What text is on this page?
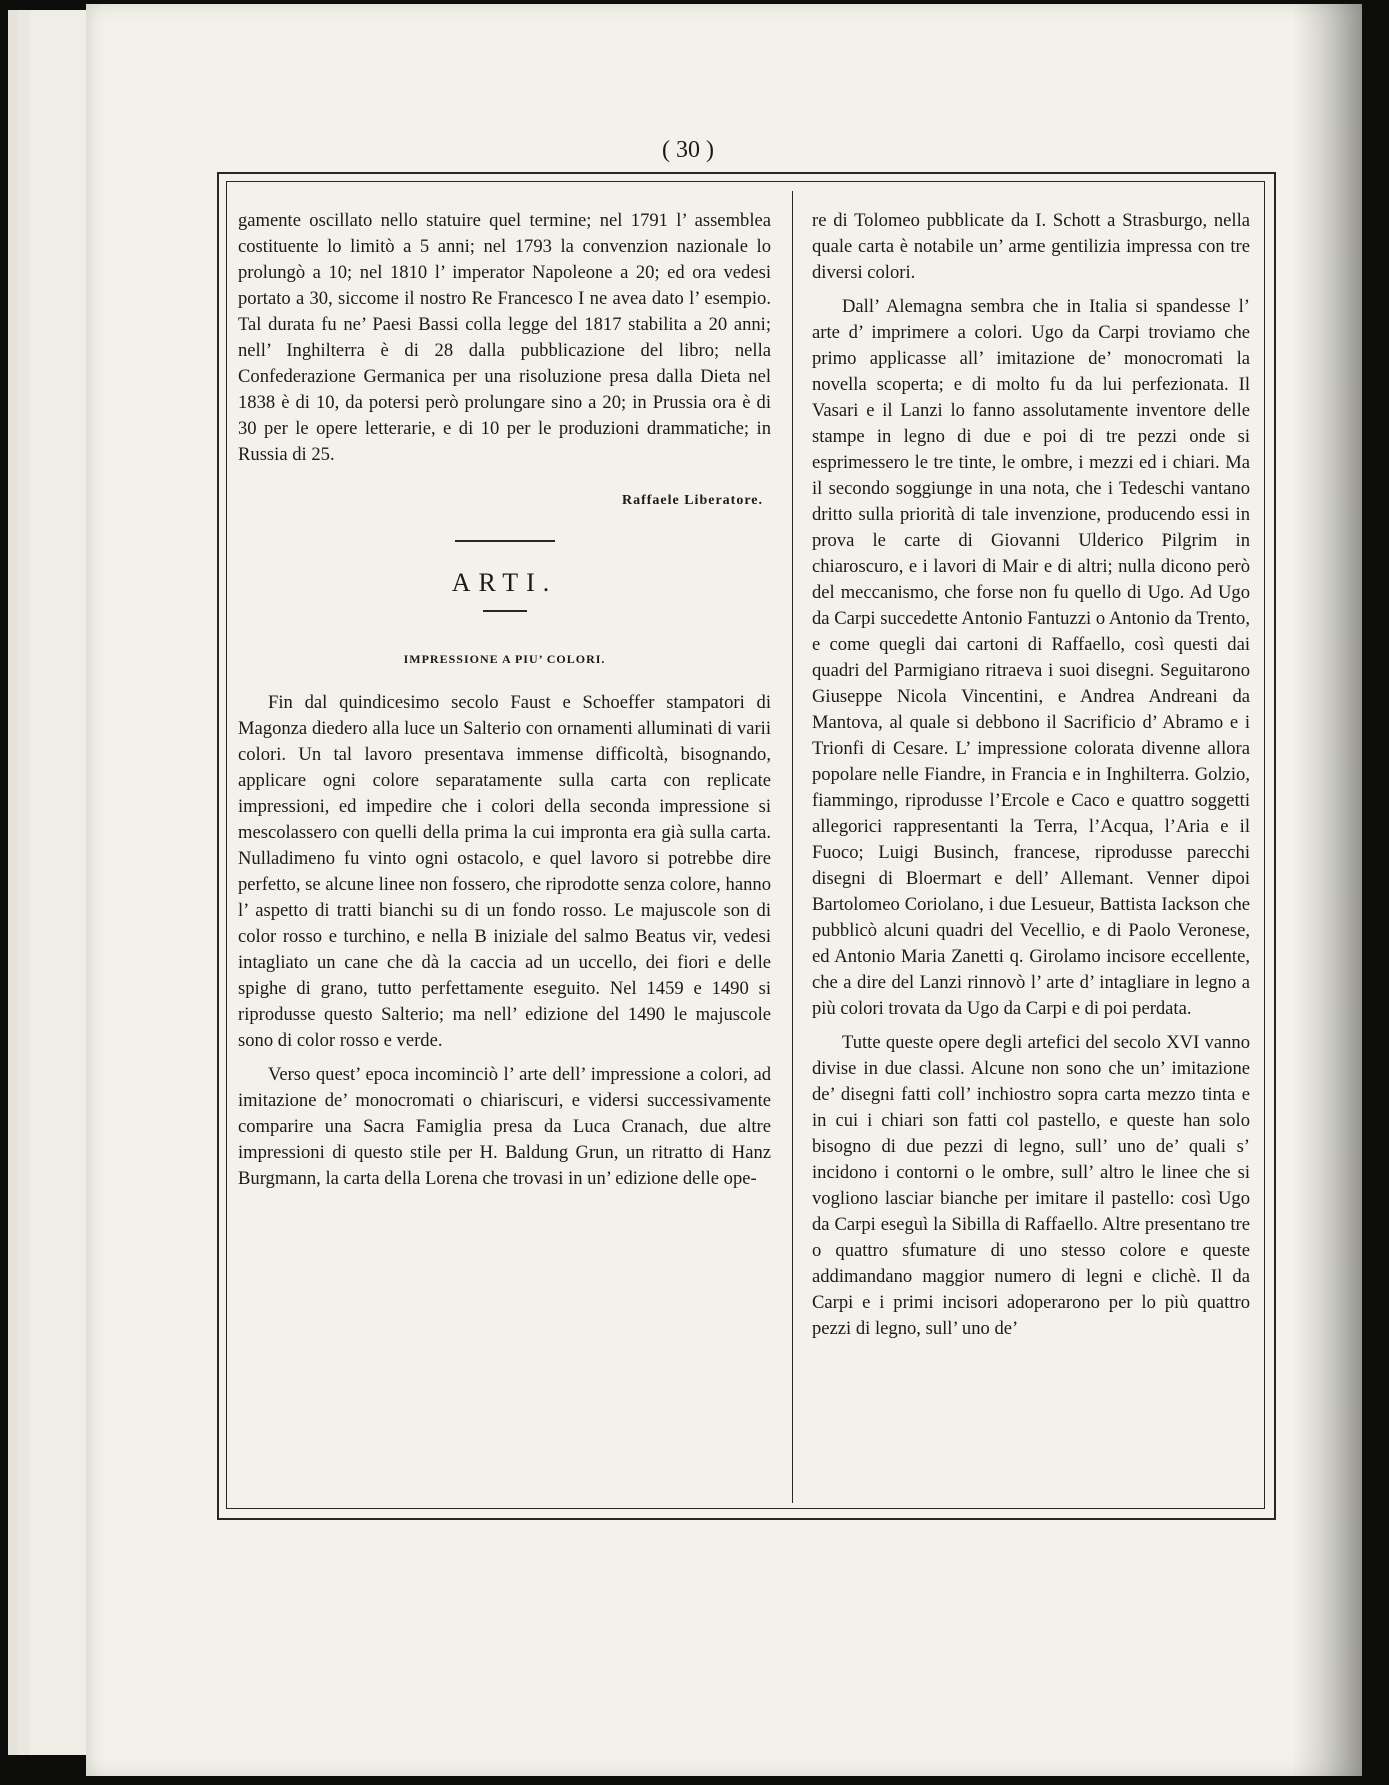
( 30 )

gamente oscillato nello statuire quel termine; nel 1791 l’ assemblea costituente lo limitò a 5 anni; nel 1793 la convenzion nazionale lo prolungò a 10; nel 1810 l’ imperator Napoleone a 20; ed ora vedesi portato a 30, siccome il nostro Re Francesco I ne avea dato l’ esempio. Tal durata fu ne’ Paesi Bassi colla legge del 1817 stabilita a 20 anni; nell’ Inghilterra è di 28 dalla pubblicazione del libro; nella Confederazione Germanica per una risoluzione presa dalla Dieta nel 1838 è di 10, da potersi però prolungare sino a 20; in Prussia ora è di 30 per le opere letterarie, e di 10 per le produzioni drammatiche; in Russia di 25.

Raffaele Liberatore.
ARTI.
IMPRESSIONE A PIU’ COLORI.

Fin dal quindicesimo secolo Faust e Schoeffer stampatori di Magonza diedero alla luce un Salterio con ornamenti alluminati di varii colori. Un tal lavoro presentava immense difficoltà, bisognando, applicare ogni colore separatamente sulla carta con replicate impressioni, ed impedire che i colori della seconda impressione si mescolassero con quelli della prima la cui impronta era già sulla carta. Nulladimeno fu vinto ogni ostacolo, e quel lavoro si potrebbe dire perfetto, se alcune linee non fossero, che riprodotte senza colore, hanno l’ aspetto di tratti bianchi su di un fondo rosso. Le majuscole son di color rosso e turchino, e nella B iniziale del salmo Beatus vir, vedesi intagliato un cane che dà la caccia ad un uccello, dei fiori e delle spighe di grano, tutto perfettamente eseguito. Nel 1459 e 1490 si riprodusse questo Salterio; ma nell’ edizione del 1490 le majuscole sono di color rosso e verde.

Verso quest’ epoca incominciò l’ arte dell’ impressione a colori, ad imitazione de’ monocromati o chiariscuri, e vidersi successivamente comparire una Sacra Famiglia presa da Luca Cranach, due altre impressioni di questo stile per H. Baldung Grun, un ritratto di Hanz Burgmann, la carta della Lorena che trovasi in un’ edizione delle ope-

re di Tolomeo pubblicate da I. Schott a Strasburgo, nella quale carta è notabile un’ arme gentilizia impressa con tre diversi colori.

Dall’ Alemagna sembra che in Italia si spandesse l’ arte d’ imprimere a colori. Ugo da Carpi troviamo che primo applicasse all’ imitazione de’ monocromati la novella scoperta; e di molto fu da lui perfezionata. Il Vasari e il Lanzi lo fanno assolutamente inventore delle stampe in legno di due e poi di tre pezzi onde si esprimessero le tre tinte, le ombre, i mezzi ed i chiari. Ma il secondo soggiunge in una nota, che i Tedeschi vantano dritto sulla priorità di tale invenzione, producendo essi in prova le carte di Giovanni Ulderico Pilgrim in chiaroscuro, e i lavori di Mair e di altri; nulla dicono però del meccanismo, che forse non fu quello di Ugo. Ad Ugo da Carpi succedette Antonio Fantuzzi o Antonio da Trento, e come quegli dai cartoni di Raffaello, così questi dai quadri del Parmigiano ritraeva i suoi disegni. Seguitarono Giuseppe Nicola Vincentini, e Andrea Andreani da Mantova, al quale si debbono il Sacrificio d’ Abramo e i Trionfi di Cesare. L’ impressione colorata divenne allora popolare nelle Fiandre, in Francia e in Inghilterra. Golzio, fiammingo, riprodusse l’Ercole e Caco e quattro soggetti allegorici rappresentanti la Terra, l’Acqua, l’Aria e il Fuoco; Luigi Businch, francese, riprodusse parecchi disegni di Bloermart e dell’ Allemant. Venner dipoi Bartolomeo Coriolano, i due Lesueur, Battista Iackson che pubblicò alcuni quadri del Vecellio, e di Paolo Veronese, ed Antonio Maria Zanetti q. Girolamo incisore eccellente, che a dire del Lanzi rinnovò l’ arte d’ intagliare in legno a più colori trovata da Ugo da Carpi e di poi perdata.

Tutte queste opere degli artefici del secolo XVI vanno divise in due classi. Alcune non sono che un’ imitazione de’ disegni fatti coll’ inchiostro sopra carta mezzo tinta e in cui i chiari son fatti col pastello, e queste han solo bisogno di due pezzi di legno, sull’ uno de’ quali s’ incidono i contorni o le ombre, sull’ altro le linee che si vogliono lasciar bianche per imitare il pastello: così Ugo da Carpi eseguì la Sibilla di Raffaello. Altre presentano tre o quattro sfumature di uno stesso colore e queste addimandano maggior numero di legni e clichè. Il da Carpi e i primi incisori adoperarono per lo più quattro pezzi di legno, sull’ uno de’
